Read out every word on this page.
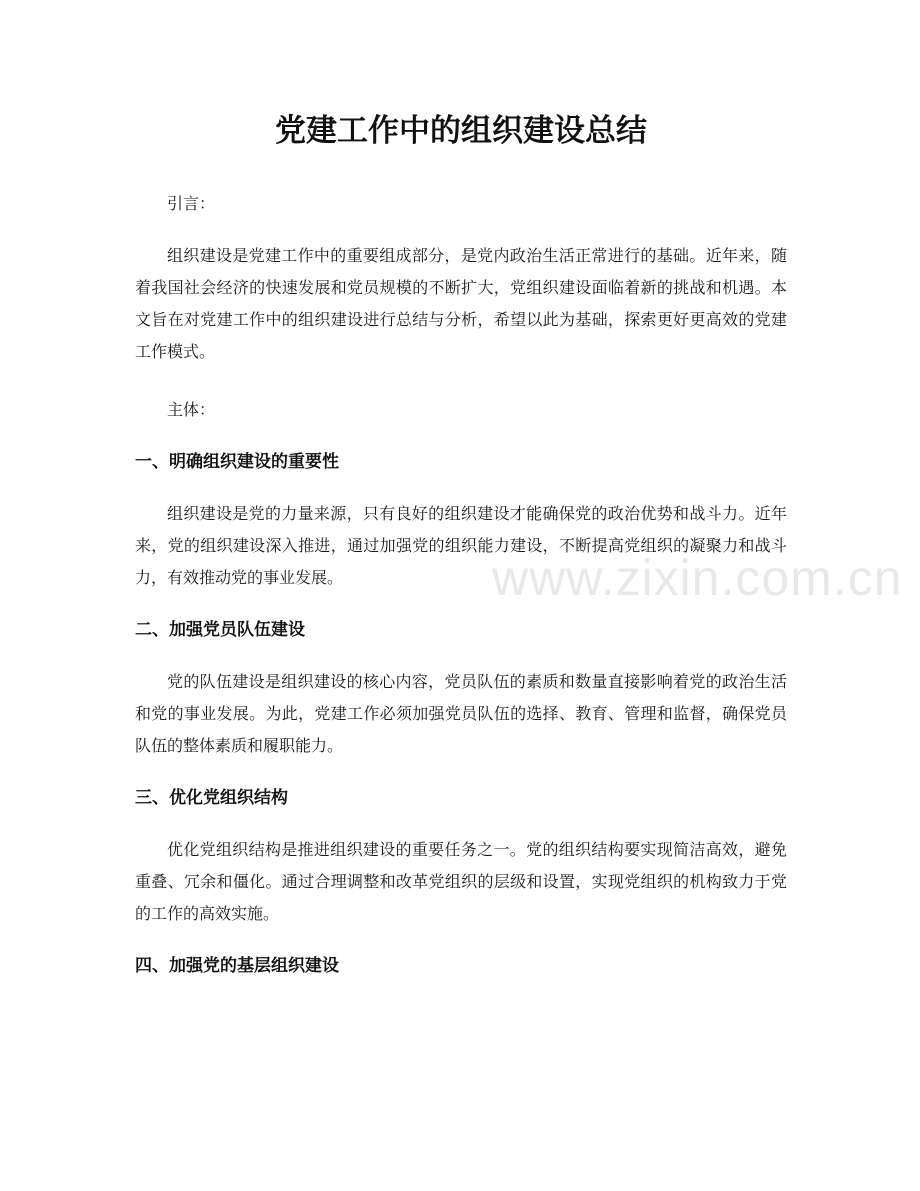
党建工作中的组织建设总结

引言：

组织建设是党建工作中的重要组成部分，是党内政治生活正常进行的基础。近年来，随着我国社会经济的快速发展和党员规模的不断扩大，党组织建设面临着新的挑战和机遇。本文旨在对党建工作中的组织建设进行总结与分析，希望以此为基础，探索更好更高效的党建工作模式。

主体：

一、明确组织建设的重要性

组织建设是党的力量来源，只有良好的组织建设才能确保党的政治优势和战斗力。近年来，党的组织建设深入推进，通过加强党的组织能力建设，不断提高党组织的凝聚力和战斗力，有效推动党的事业发展。

二、加强党员队伍建设

党的队伍建设是组织建设的核心内容，党员队伍的素质和数量直接影响着党的政治生活和党的事业发展。为此，党建工作必须加强党员队伍的选择、教育、管理和监督，确保党员队伍的整体素质和履职能力。

三、优化党组织结构

优化党组织结构是推进组织建设的重要任务之一。党的组织结构要实现简洁高效，避免重叠、冗余和僵化。通过合理调整和改革党组织的层级和设置，实现党组织的机构致力于党的工作的高效实施。

四、加强党的基层组织建设
www.zixin.com.cn
